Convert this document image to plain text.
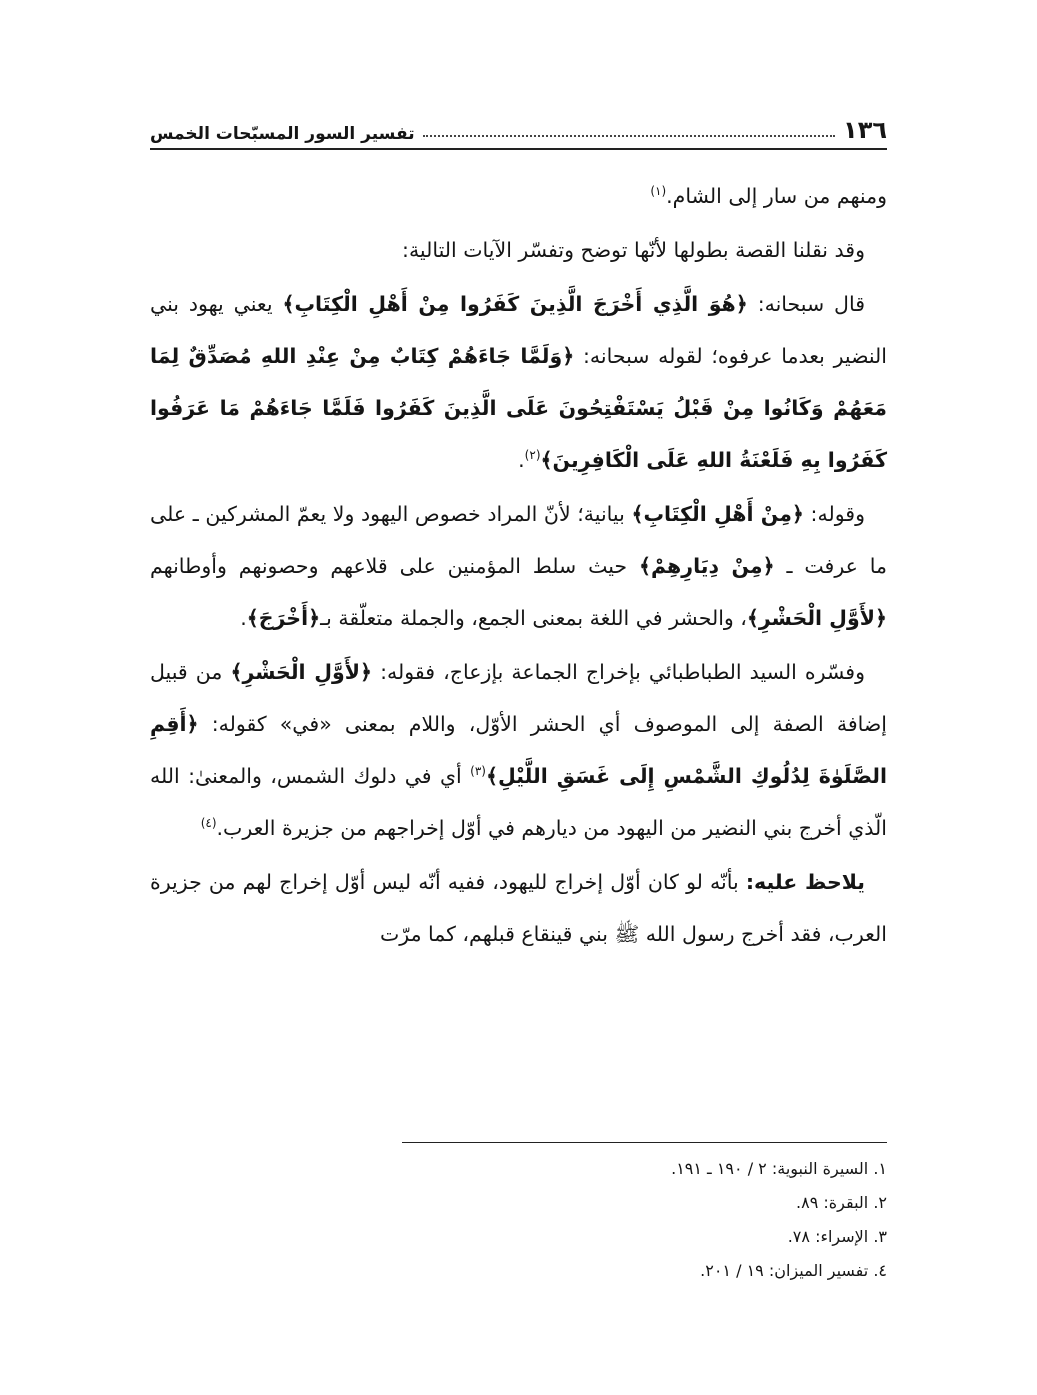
١٣٦
تفسير السور المسبّحات الخمس

ومنهم من سار إلى الشام.$^{(١)}$

وقد نقلنا القصة بطولها لأنّها توضح وتفسّر الآيات التالية:

قال سبحانه: ﴿هُوَ الَّذِي أَخْرَجَ الَّذِينَ كَفَرُوا مِنْ أَهْلِ الْكِتَابِ﴾ يعني يهود بني النضير بعدما عرفوه؛ لقوله سبحانه: ﴿وَلَمَّا جَاءَهُمْ كِتَابٌ مِنْ عِنْدِ اللهِ مُصَدِّقٌ لِمَا مَعَهُمْ وَكَانُوا مِنْ قَبْلُ يَسْتَفْتِحُونَ عَلَى الَّذِينَ كَفَرُوا فَلَمَّا جَاءَهُمْ مَا عَرَفُوا كَفَرُوا بِهِ فَلَعْنَةُ اللهِ عَلَى الْكَافِرِينَ﴾$^{(٢)}$.

وقوله: ﴿مِنْ أَهْلِ الْكِتَابِ﴾ بيانية؛ لأنّ المراد خصوص اليهود ولا يعمّ المشركين ـ على ما عرفت ـ ﴿مِنْ دِيَارِهِمْ﴾ حيث سلط المؤمنين على قلاعهم وحصونهم وأوطانهم ﴿لأَوَّلِ الْحَشْرِ﴾، والحشر في اللغة بمعنى الجمع، والجملة متعلّقة بـ﴿أَخْرَجَ﴾.

وفسّره السيد الطباطبائي بإخراج الجماعة بإزعاج، فقوله: ﴿لأَوَّلِ الْحَشْرِ﴾ من قبيل إضافة الصفة إلى الموصوف أي الحشر الأوّل، واللام بمعنى «في» كقوله: ﴿أَقِمِ الصَّلَوٰةَ لِدُلُوكِ الشَّمْسِ إِلَى غَسَقِ اللَّيْلِ﴾$^{(٣)}$ أي في دلوك الشمس، والمعنىٰ: الله الّذي أخرج بني النضير من اليهود من ديارهم في أوّل إخراجهم من جزيرة العرب.$^{(٤)}$

يلاحظ عليه: بأنّه لو كان أوّل إخراج لليهود، ففيه أنّه ليس أوّل إخراج لهم من جزيرة العرب، فقد أخرج رسول الله ﷺ بني قينقاع قبلهم، كما مرّت

١. السيرة النبوية: ٢ / ١٩٠ ـ ١٩١.
٢. البقرة: ٨٩.
٣. الإسراء: ٧٨.
٤. تفسير الميزان: ١٩ / ٢٠١.
